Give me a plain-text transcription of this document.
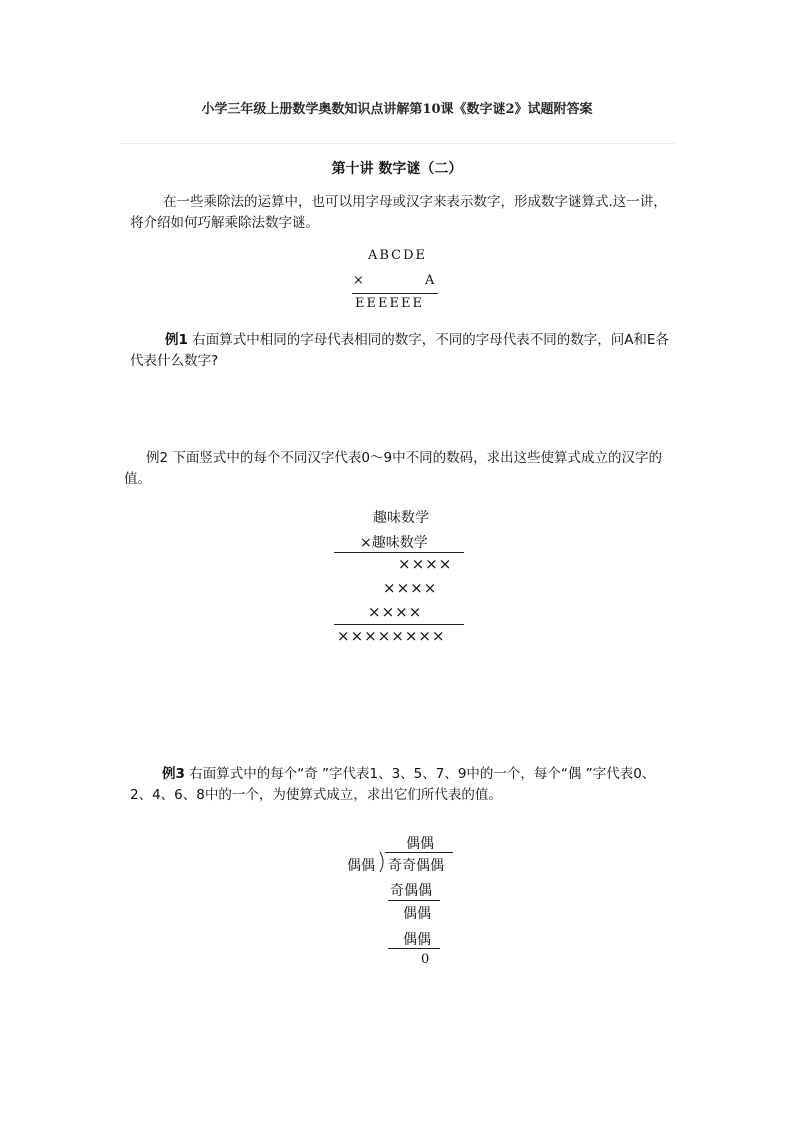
小学三年级上册数学奥数知识点讲解第10课《数字谜2》试题附答案
第十讲 数字谜（二）
在一些乘除法的运算中，也可以用字母或汉字来表示数字，形成数字谜算式.这一讲，将介绍如何巧解乘除法数字谜。
ABCDE
×	A
EEEEEE
例1 右面算式中相同的字母代表相同的数字，不同的字母代表不同的数字，问A和E各代表什么数字?
例2 下面竖式中的每个不同汉字代表0～9中不同的数码，求出这些使算式成立的汉字的值。
趣味数学
×趣味数学
××××
××××
××××
××××××××
例3 右面算式中的每个“奇 ”字代表1、3、5、7、9中的一个，每个“偶 ”字代表0、2、4、6、8中的一个，为使算式成立，求出它们所代表的值。
偶偶
偶偶 奇奇偶偶
奇偶偶
偶偶
偶偶
0
